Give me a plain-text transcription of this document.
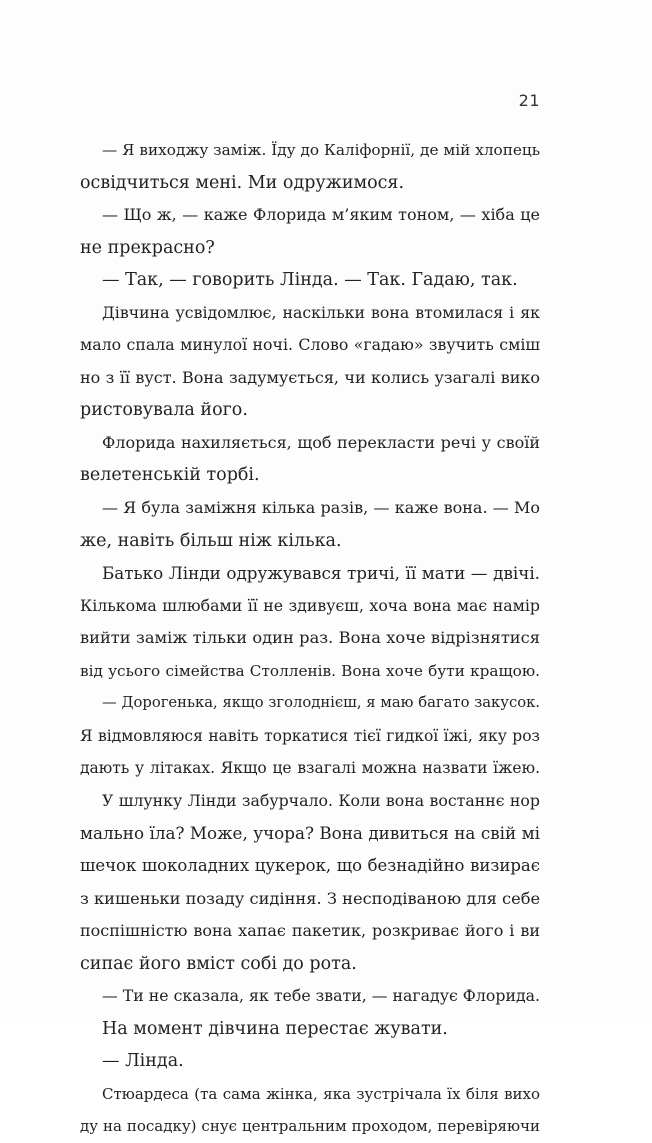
21
— Я виходжу заміж. Їду до Каліфорнії, де мій хлопець
освідчиться мені. Ми одружимося.
— Що ж, — каже Флорида м’яким тоном, — хіба це
не прекрасно?
— Так, — говорить Лінда. — Так. Гадаю, так.
Дівчина усвідомлює, наскільки вона втомилася і як
мало спала минулої ночі. Слово «гадаю» звучить сміш
но з її вуст. Вона задумується, чи колись узагалі вико
ристовувала його.
Флорида нахиляється, щоб перекласти речі у своїй
велетенській торбі.
— Я була заміжня кілька разів, — каже вона. — Мо
же, навіть більш ніж кілька.
Батько Лінди одружувався тричі, її мати — двічі.
Кількома шлюбами її не здивуєш, хоча вона має намір
вийти заміж тільки один раз. Вона хоче відрізнятися
від усього сімейства Столленів. Вона хоче бути кращою.
— Дорогенька, якщо зголоднієш, я маю багато закусок.
Я відмовляюся навіть торкатися тієї гидкої їжі, яку роз
дають у літаках. Якщо це взагалі можна назвати їжею.
У шлунку Лінди забурчало. Коли вона востаннє нор
мально їла? Може, учора? Вона дивиться на свій мі
шечок шоколадних цукерок, що безнадійно визирає
з кишеньки позаду сидіння. З несподіваною для себе
поспішністю вона хапає пакетик, розкриває його і ви
сипає його вміст собі до рота.
— Ти не сказала, як тебе звати, — нагадує Флорида.
На момент дівчина перестає жувати.
— Лінда.
Стюардеса (та сама жінка, яка зустрічала їх біля вихо
ду на посадку) снує центральним проходом, перевіряючи
